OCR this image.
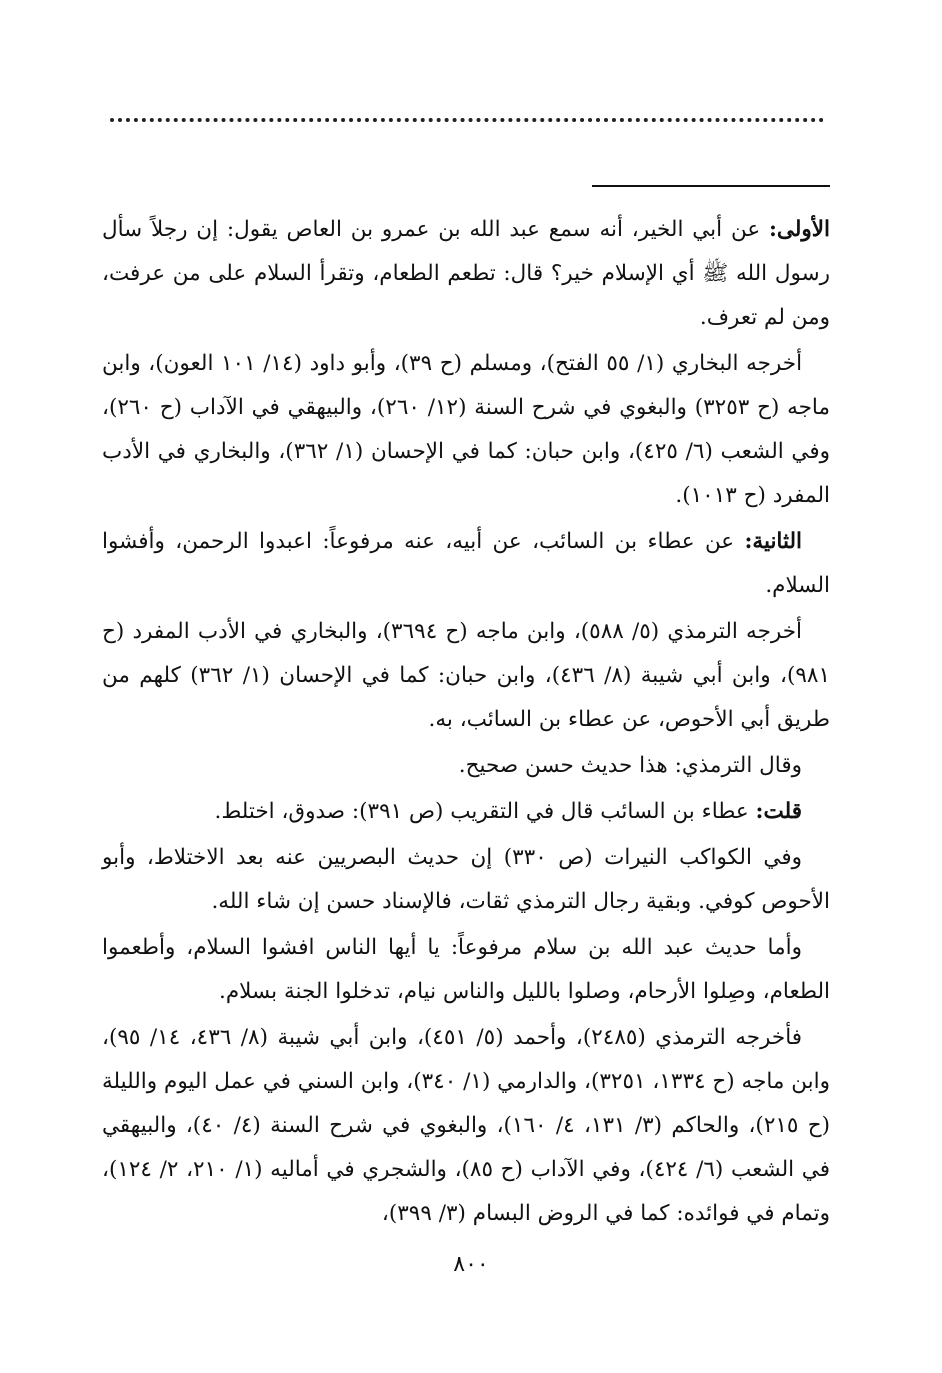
الأولى: عن أبي الخير، أنه سمع عبد الله بن عمرو بن العاص يقول: إن رجلاً سأل رسول الله ﷺ أي الإسلام خير؟ قال: تطعم الطعام، وتقرأ السلام على من عرفت، ومن لم تعرف.

أخرجه البخاري (١/ ٥٥ الفتح)، ومسلم (ح ٣٩)، وأبو داود (١٤/ ١٠١ العون)، وابن ماجه (ح ٣٢٥٣) والبغوي في شرح السنة (١٢/ ٢٦٠)، والبيهقي في الآداب (ح ٢٦٠)، وفي الشعب (٦/ ٤٢٥)، وابن حبان: كما في الإحسان (١/ ٣٦٢)، والبخاري في الأدب المفرد (ح ١٠١٣).

الثانية: عن عطاء بن السائب، عن أبيه، عنه مرفوعاً: اعبدوا الرحمن، وأفشوا السلام.

أخرجه الترمذي (٥/ ٥٨٨)، وابن ماجه (ح ٣٦٩٤)، والبخاري في الأدب المفرد (ح ٩٨١)، وابن أبي شيبة (٨/ ٤٣٦)، وابن حبان: كما في الإحسان (١/ ٣٦٢) كلهم من طريق أبي الأحوص، عن عطاء بن السائب، به.

وقال الترمذي: هذا حديث حسن صحيح.

قلت: عطاء بن السائب قال في التقريب (ص ٣٩١): صدوق، اختلط.

وفي الكواكب النيرات (ص ٣٣٠) إن حديث البصريين عنه بعد الاختلاط، وأبو الأحوص كوفي. وبقية رجال الترمذي ثقات، فالإسناد حسن إن شاء الله.

وأما حديث عبد الله بن سلام مرفوعاً: يا أيها الناس افشوا السلام، وأطعموا الطعام، وصِلوا الأرحام، وصلوا بالليل والناس نيام، تدخلوا الجنة بسلام.

فأخرجه الترمذي (٢٤٨٥)، وأحمد (٥/ ٤٥١)، وابن أبي شيبة (٨/ ٤٣٦، ١٤/ ٩٥)، وابن ماجه (ح ١٣٣٤، ٣٢٥١)، والدارمي (١/ ٣٤٠)، وابن السني في عمل اليوم والليلة (ح ٢١٥)، والحاكم (٣/ ١٣١، ٤/ ١٦٠)، والبغوي في شرح السنة (٤/ ٤٠)، والبيهقي في الشعب (٦/ ٤٢٤)، وفي الآداب (ح ٨٥)، والشجري في أماليه (١/ ٢١٠، ٢/ ١٢٤)، وتمام في فوائده: كما في الروض البسام (٣/ ٣٩٩)،

٨٠٠
